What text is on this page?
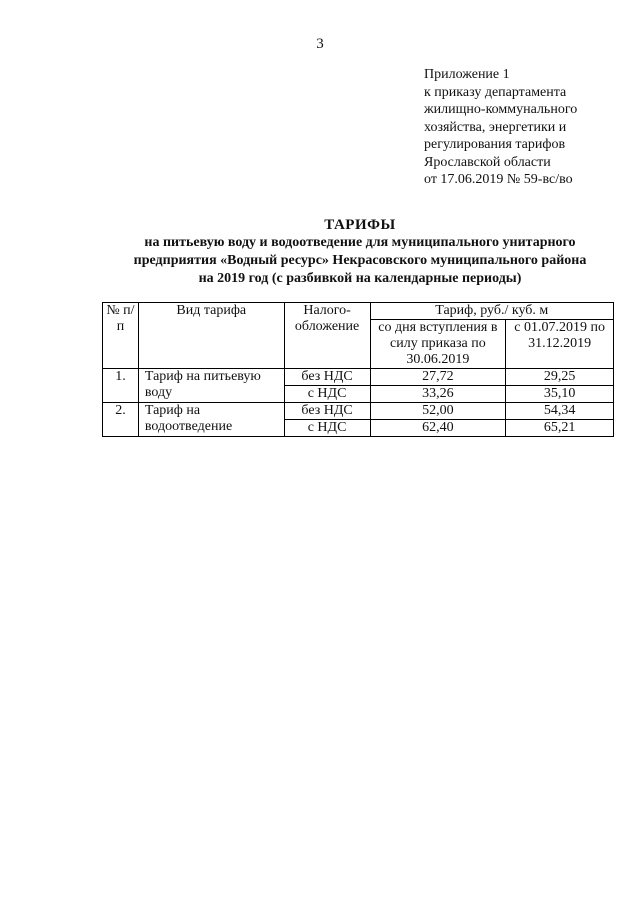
3
Приложение 1
к приказу департамента
жилищно-коммунального
хозяйства, энергетики и
регулирования тарифов
Ярославской области
от 17.06.2019 № 59-вс/во
ТАРИФЫ
на питьевую воду и водоотведение для муниципального унитарного
предприятия «Водный ресурс» Некрасовского муниципального района
на 2019 год (с разбивкой на календарные периоды)
№ п/п	Вид тарифа	Налого-обложение	Тариф, руб./ куб. м	
			со дня вступления в силу приказа по 30.06.2019	с 01.07.2019 по 31.12.2019
1.	Тариф на питьевую воду	без НДС	27,72	29,25
		с НДС	33,26	35,10
2.	Тариф на водоотведение	без НДС	52,00	54,34
		с НДС	62,40	65,21
